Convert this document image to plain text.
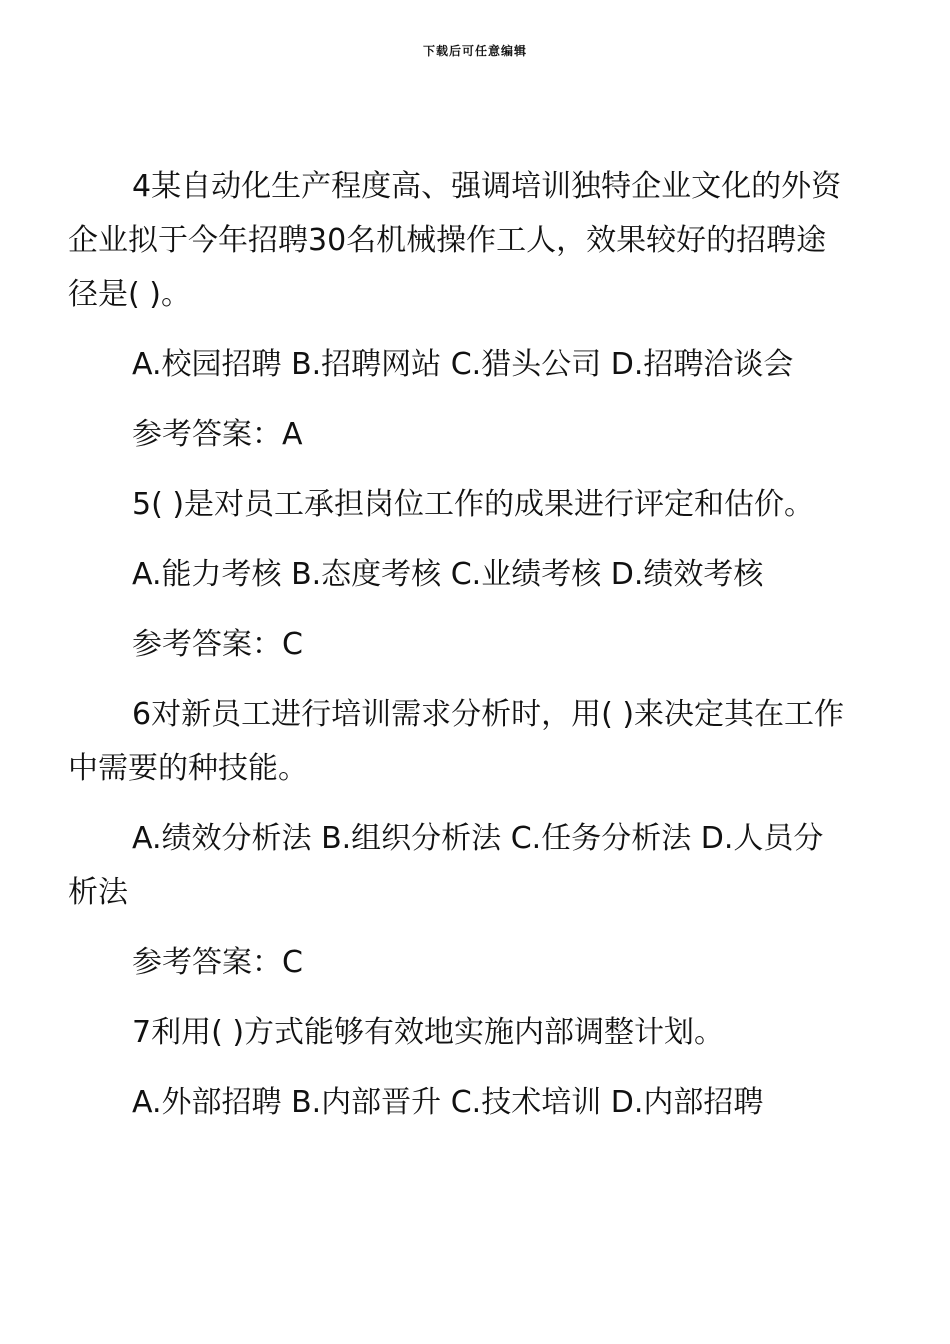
下载后可任意编辑

4某自动化生产程度高、强调培训独特企业文化的外资企业拟于今年招聘30名机械操作工人，效果较好的招聘途径是( )。

A.校园招聘 B.招聘网站 C.猎头公司 D.招聘洽谈会

参考答案：A

5( )是对员工承担岗位工作的成果进行评定和估价。

A.能力考核 B.态度考核 C.业绩考核 D.绩效考核

参考答案：C

6对新员工进行培训需求分析时，用( )来决定其在工作中需要的种技能。

A.绩效分析法 B.组织分析法 C.任务分析法 D.人员分析法

参考答案：C

7利用( )方式能够有效地实施内部调整计划。

A.外部招聘 B.内部晋升 C.技术培训 D.内部招聘
